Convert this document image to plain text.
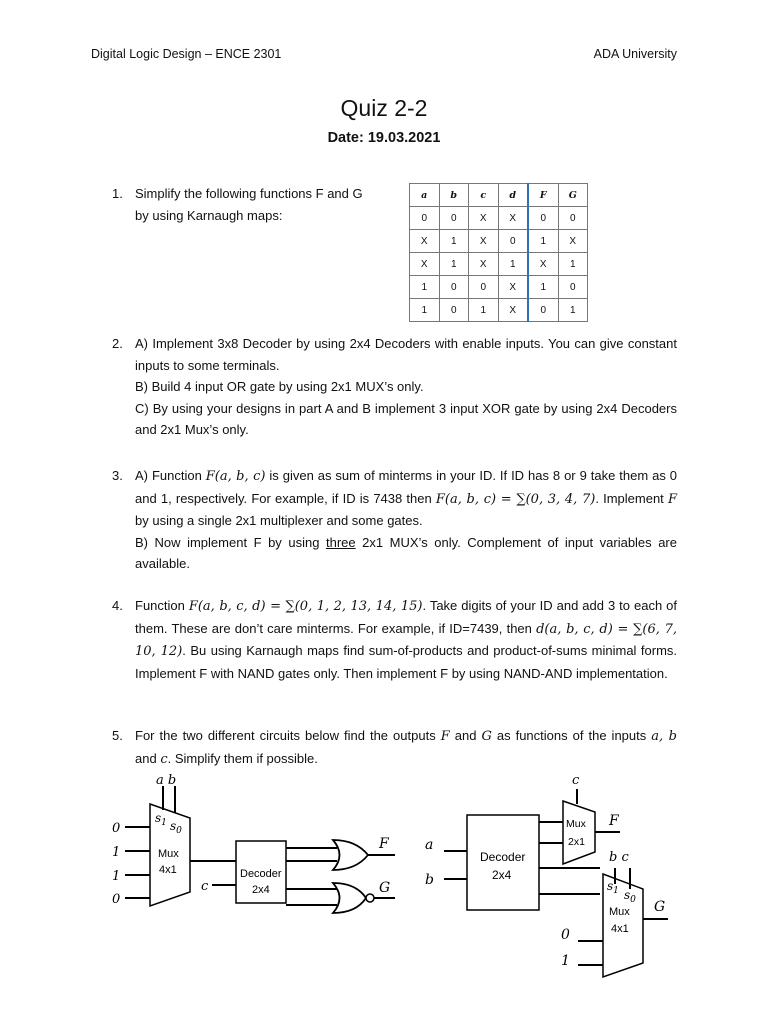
Digital Logic Design – ENCE 2301	ADA University
Quiz 2-2
Date: 19.03.2021
1. Simplify the following functions F and G

by using Karnaugh maps:

a	b	c	d	F	G
0	0	X	X	0	0
X	1	X	0	1	X
X	1	X	1	X	1
1	0	0	X	1	0
1	0	1	X	0	1
2. A) Implement 3x8 Decoder by using 2x4 Decoders with enable inputs. You can give constant inputs to some terminals.

B) Build 4 input OR gate by using 2x1 MUX’s only.

C) By using your designs in part A and B implement 3 input XOR gate by using 2x4 Decoders and 2x1 Mux’s only.

3. A) Function F(a, b, c) is given as sum of minterms in your ID. If ID has 8 or 9 take them as 0 and 1, respectively. For example, if ID is 7438 then F(a, b, c) = ∑(0, 3, 4, 7). Implement F by using a single 2x1 multiplexer and some gates.

B) Now implement F by using three 2x1 MUX’s only. Complement of input variables are available.

4. Function F(a, b, c, d) = ∑(0, 1, 2, 13, 14, 15). Take digits of your ID and add 3 to each of them. These are don’t care minterms. For example, if ID=7439, then d(a, b, c, d) = ∑(6, 7, 10, 12). Bu using Karnaugh maps find sum-of-products and product-of-sums minimal forms. Implement F with NAND gates only. Then implement F by using NAND-AND implementation.

5. For the two different circuits below find the outputs F and G as functions of the inputs a, b and c. Simplify them if possible.

a b
$s_1$ $s_0$
0
1
1
0
Mux
4x1
c
Decoder
2x4
F
G
c
Mux
2x1
F
a
b
Decoder
2x4
b c
$s_1$ $s_0$
Mux
4x1
G
0
1
